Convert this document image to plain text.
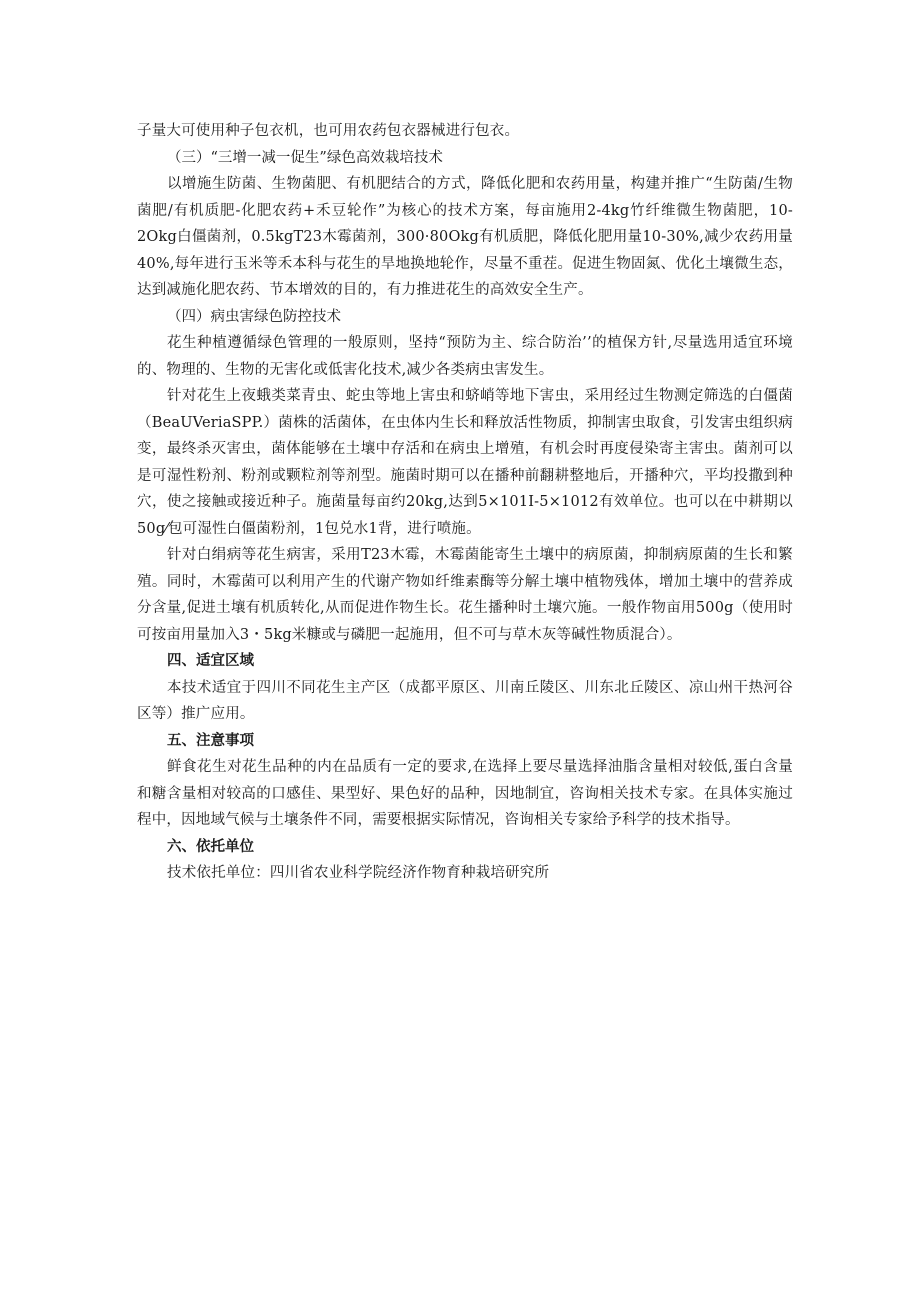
子量大可使用种子包衣机，也可用农药包衣器械进行包衣。

（三）“三增一减一促生”绿色高效栽培技术

以增施生防菌、生物菌肥、有机肥结合的方式，降低化肥和农药用量，构建并推广“生防菌/生物菌肥/有机质肥-化肥农药+禾豆轮作”为核心的技术方案，每亩施用2-4kg竹纤维微生物菌肥，10-2Okg白僵菌剂，0.5kgT23木霉菌剂，300·80Okg有机质肥，降低化肥用量10-30%,减少农药用量40%,每年进行玉米等禾本科与花生的旱地换地轮作，尽量不重茬。促进生物固氮、优化土壤微生态，达到减施化肥农药、节本增效的目的，有力推进花生的高效安全生产。

（四）病虫害绿色防控技术

花生种植遵循绿色管理的一般原则，坚持“预防为主、综合防治’’的植保方针,尽量选用适宜环境的、物理的、生物的无害化或低害化技术,减少各类病虫害发生。

针对花生上夜蛾类菜青虫、蛇虫等地上害虫和蛴峭等地下害虫，采用经过生物测定筛选的白僵菌（BeaUVeriaSPP.）菌株的活菌体，在虫体内生长和释放活性物质，抑制害虫取食，引发害虫组织病变，最终杀灭害虫，菌体能够在土壤中存活和在病虫上增殖，有机会时再度侵染寄主害虫。菌剂可以是可湿性粉剂、粉剂或颗粒剂等剂型。施菌时期可以在播种前翻耕整地后，开播种穴，平均投撒到种穴，使之接触或接近种子。施菌量每亩约20kg,达到5×101I-5×1012有效单位。也可以在中耕期以50g⁄包可湿性白僵菌粉剂，1包兑水1背，进行喷施。

针对白绢病等花生病害，采用T23木霉，木霉菌能寄生土壤中的病原菌，抑制病原菌的生长和繁殖。同时，木霉菌可以利用产生的代谢产物如纤维素酶等分解土壤中植物残体，增加土壤中的营养成分含量,促进土壤有机质转化,从而促进作物生长。花生播种时土壤穴施。一般作物亩用500g（使用时可按亩用量加入3・5kg米糠或与磷肥一起施用，但不可与草木灰等碱性物质混合）。

四、适宜区域

本技术适宜于四川不同花生主产区（成都平原区、川南丘陵区、川东北丘陵区、凉山州干热河谷区等）推广应用。

五、注意事项

鲜食花生对花生品种的内在品质有一定的要求,在选择上要尽量选择油脂含量相对较低,蛋白含量和糖含量相对较高的口感佳、果型好、果色好的品种，因地制宜，咨询相关技术专家。在具体实施过程中，因地域气候与土壤条件不同，需要根据实际情况，咨询相关专家给予科学的技术指导。

六、依托单位

技术依托单位：四川省农业科学院经济作物育种栽培研究所
